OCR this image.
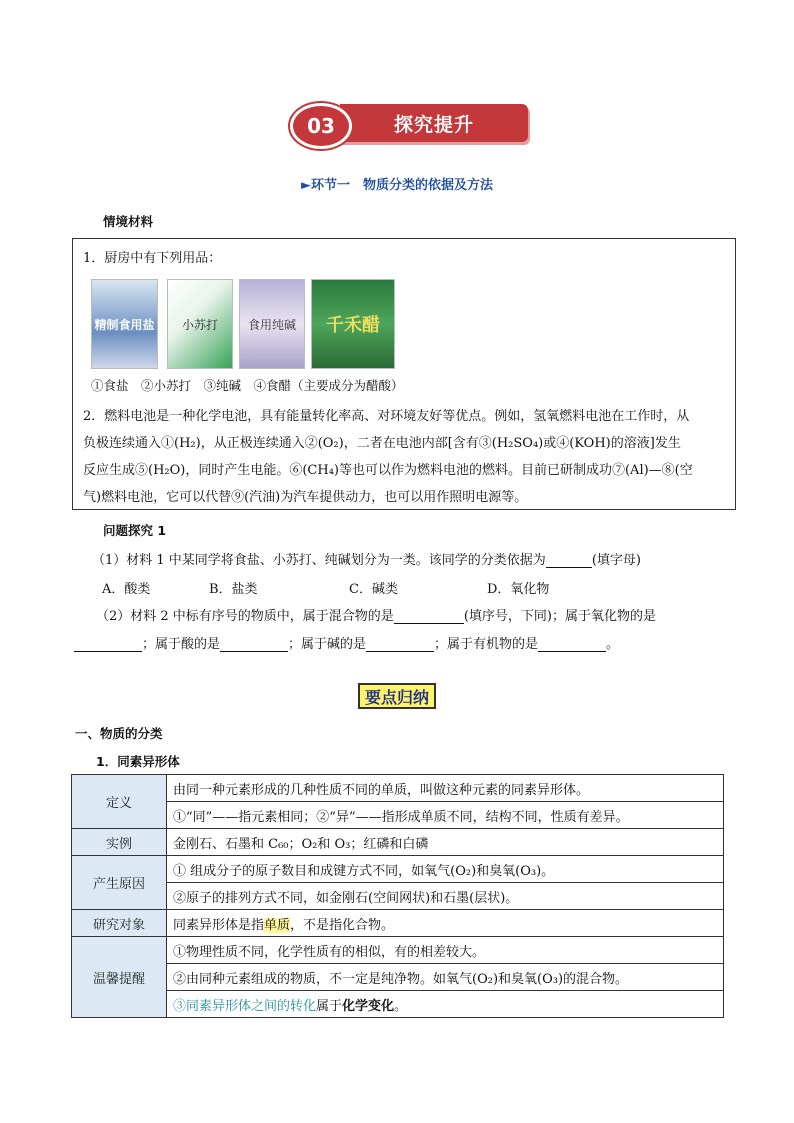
03	探究提升
►环节一　物质分类的依据及方法
情境材料
1．厨房中有下列用品：
精制食用盐 小苏打 食用纯碱 千禾醋
①食盐　②小苏打　③纯碱　④食醋（主要成分为醋酸）
2．燃料电池是一种化学电池，具有能量转化率高、对环境友好等优点。例如，氢氧燃料电池在工作时，从
负极连续通入①(H₂)，从正极连续通入②(O₂)，二者在电池内部[含有③(H₂SO₄)或④(KOH)的溶液]发生
反应生成⑤(H₂O)，同时产生电能。⑥(CH₄)等也可以作为燃料电池的燃料。目前已研制成功⑦(Al)—⑧(空
气)燃料电池，它可以代替⑨(汽油)为汽车提供动力，也可以用作照明电源等。
问题探究 1
（1）材料 1 中某同学将食盐、小苏打、纯碱划分为一类。该同学的分类依据为	(填字母)
A．酸类	B．盐类	C．碱类	D．氧化物
（2）材料 2 中标有序号的物质中，属于混合物的是	(填序号，下同)；属于氧化物的是
；属于酸的是	；属于碱的是	；属于有机物的是	。
要点归纳
一、物质的分类
1．同素异形体
定义	由同一种元素形成的几种性质不同的单质，叫做这种元素的同素异形体。
	①“同”——指元素相同；②“异”——指形成单质不同，结构不同，性质有差异。
实例	金刚石、石墨和 C₆₀；O₂和 O₃；红磷和白磷
产生原因	① 组成分子的原子数目和成键方式不同，如氧气(O₂)和臭氧(O₃)。
	②原子的排列方式不同，如金刚石(空间网状)和石墨(层状)。
研究对象	同素异形体是指单质，不是指化合物。
温馨提醒	①物理性质不同，化学性质有的相似，有的相差较大。
	②由同种元素组成的物质，不一定是纯净物。如氧气(O₂)和臭氧(O₃)的混合物。
	③同素异形体之间的转化属于化学变化。
